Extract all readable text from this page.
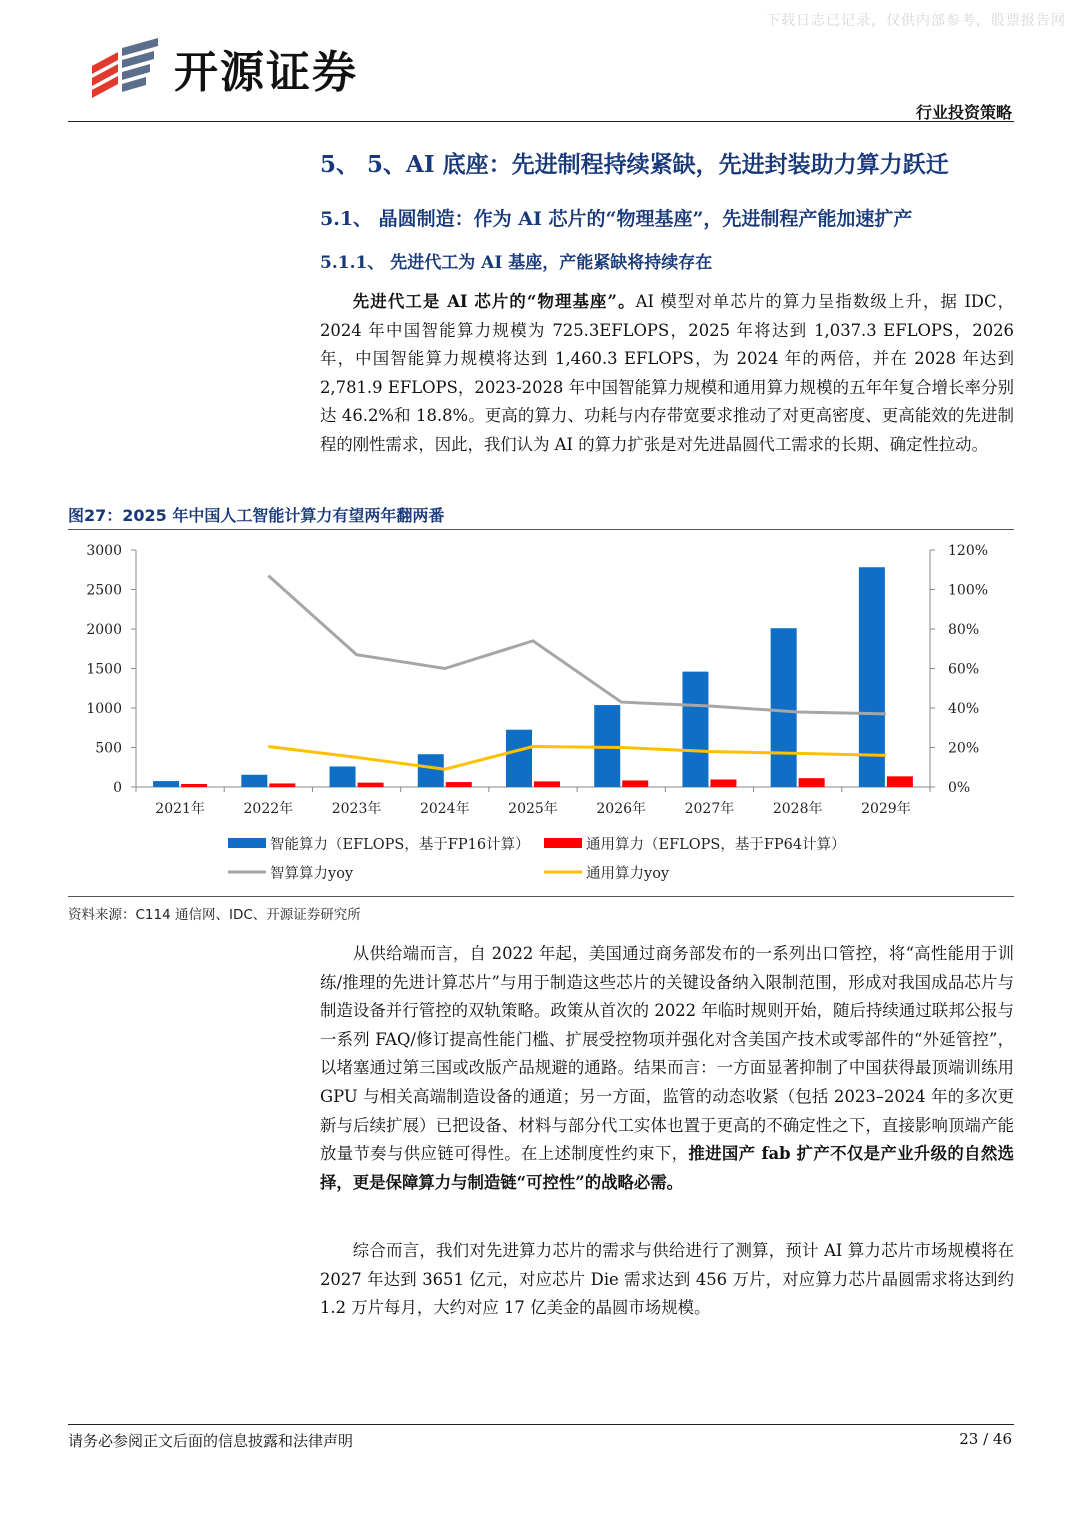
下载日志已记录，仅供内部参考，股票报告网
开源证券
行业投资策略
5、 5、AI 底座：先进制程持续紧缺，先进封装助力算力跃迁
5.1、 晶圆制造：作为 AI 芯片的“物理基座”，先进制程产能加速扩产
5.1.1、 先进代工为 AI 基座，产能紧缺将持续存在

先进代工是 AI 芯片的“物理基座”。AI 模型对单芯片的算力呈指数级上升，据 IDC，2024 年中国智能算力规模为 725.3EFLOPS，2025 年将达到 1,037.3 EFLOPS，2026 年，中国智能算力规模将达到 1,460.3 EFLOPS，为 2024 年的两倍，并在 2028 年达到 2,781.9 EFLOPS，2023-2028 年中国智能算力规模和通用算力规模的五年年复合增长率分别达 46.2%和 18.8%。更高的算力、功耗与内存带宽要求推动了对更高密度、更高能效的先进制程的刚性需求，因此，我们认为 AI 的算力扩张是对先进晶圆代工需求的长期、确定性拉动。

图27：2025 年中国人工智能计算力有望两年翻两番
0
500
1000
1500
2000
2500
3000
0%
20%
40%
60%
80%
100%
120%
2021年	2022年	2023年	2024年	2025年	2026年	2027年	2028年	2029年
智能算力（EFLOPS，基于FP16计算）	通用算力（EFLOPS，基于FP64计算）
智算算力yoy	通用算力yoy
资料来源：C114 通信网、IDC、开源证券研究所

从供给端而言，自 2022 年起，美国通过商务部发布的一系列出口管控，将“高性能用于训练/推理的先进计算芯片”与用于制造这些芯片的关键设备纳入限制范围，形成对我国成品芯片与制造设备并行管控的双轨策略。政策从首次的 2022 年临时规则开始，随后持续通过联邦公报与一系列 FAQ/修订提高性能门槛、扩展受控物项并强化对含美国产技术或零部件的“外延管控”，以堵塞通过第三国或改版产品规避的通路。结果而言：一方面显著抑制了中国获得最顶端训练用 GPU 与相关高端制造设备的通道；另一方面，监管的动态收紧（包括 2023–2024 年的多次更新与后续扩展）已把设备、材料与部分代工实体也置于更高的不确定性之下，直接影响顶端产能放量节奏与供应链可得性。在上述制度性约束下，推进国产 fab 扩产不仅是产业升级的自然选择，更是保障算力与制造链“可控性”的战略必需。

综合而言，我们对先进算力芯片的需求与供给进行了测算，预计 AI 算力芯片市场规模将在 2027 年达到 3651 亿元，对应芯片 Die 需求达到 456 万片，对应算力芯片晶圆需求将达到约 1.2 万片每月，大约对应 17 亿美金的晶圆市场规模。

请务必参阅正文后面的信息披露和法律声明	23 / 46
